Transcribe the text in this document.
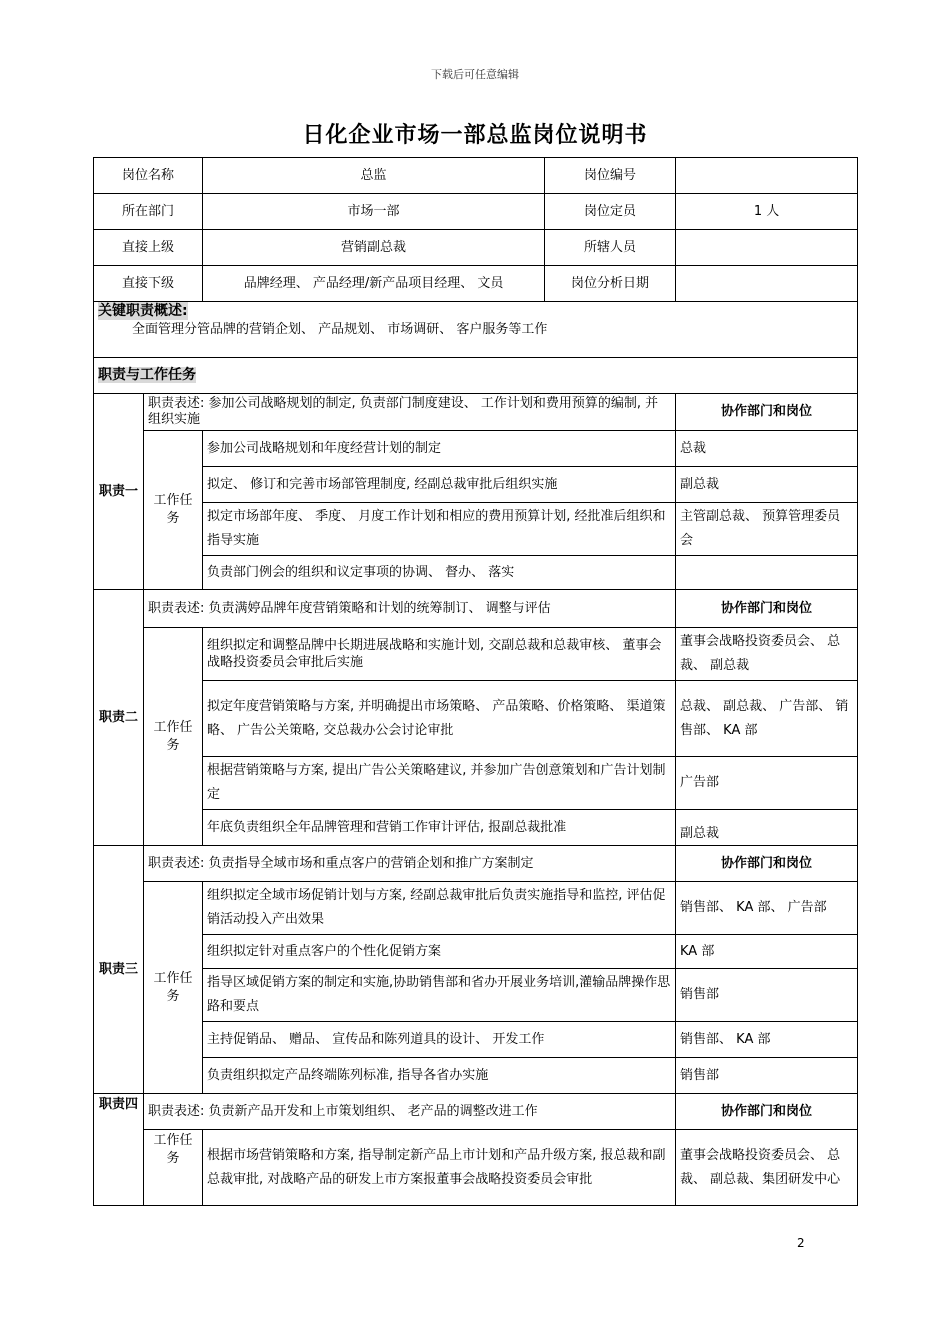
下载后可任意编辑
日化企业市场一部总监岗位说明书
岗位名称		总监	岗位编号	
所在部门		市场一部	岗位定员	1 人
直接上级		营销副总裁	所辖人员	
直接下级		品牌经理、 产品经理/新产品项目经理、 文员	岗位分析日期	
关键职责概述:
全面管理分管品牌的营销企划、 产品规划、 市场调研、 客户服务等工作				

职责与工作任务				
职责一	职责表述: 参加公司战略规划的制定, 负责部门制度建设、 工作计划和费用预算的编制, 并组织实施			协作部门和岗位
	工作任务	参加公司战略规划和年度经营计划的制定		总裁
		拟定、 修订和完善市场部管理制度, 经副总裁审批后组织实施		副总裁
		拟定市场部年度、 季度、 月度工作计划和相应的费用预算计划, 经批准后组织和指导实施		主管副总裁、 预算管理委员会
		负责部门例会的组织和议定事项的协调、 督办、 落实		
职责二	职责表述: 负责满婷品牌年度营销策略和计划的统筹制订、 调整与评估			协作部门和岗位
	工作任务	组织拟定和调整品牌中长期进展战略和实施计划, 交副总裁和总裁审核、 董事会战略投资委员会审批后实施		董事会战略投资委员会、 总裁、 副总裁
		拟定年度营销策略与方案, 并明确提出市场策略、 产品策略、价格策略、 渠道策略、 广告公关策略, 交总裁办公会讨论审批		总裁、 副总裁、 广告部、 销售部、 KA 部
		根据营销策略与方案, 提出广告公关策略建议, 并参加广告创意策划和广告计划制定		广告部
		年底负责组织全年品牌管理和营销工作审计评估, 报副总裁批准		副总裁
职责三	职责表述: 负责指导全域市场和重点客户的营销企划和推广方案制定			协作部门和岗位
	工作任务	组织拟定全域市场促销计划与方案, 经副总裁审批后负责实施指导和监控, 评估促销活动投入产出效果		销售部、 KA 部、 广告部
		组织拟定针对重点客户的个性化促销方案		KA 部
		指导区域促销方案的制定和实施,协助销售部和省办开展业务培训,灌输品牌操作思路和要点		销售部
		主持促销品、 赠品、 宣传品和陈列道具的设计、 开发工作		销售部、 KA 部
		负责组织拟定产品终端陈列标准, 指导各省办实施		销售部
职责四	职责表述: 负责新产品开发和上市策划组织、 老产品的调整改进工作			协作部门和岗位
	工作任务	根据市场营销策略和方案, 指导制定新产品上市计划和产品升级方案, 报总裁和副总裁审批, 对战略产品的研发上市方案报董事会战略投资委员会审批		董事会战略投资委员会、 总裁、 副总裁、集团研发中心
2
